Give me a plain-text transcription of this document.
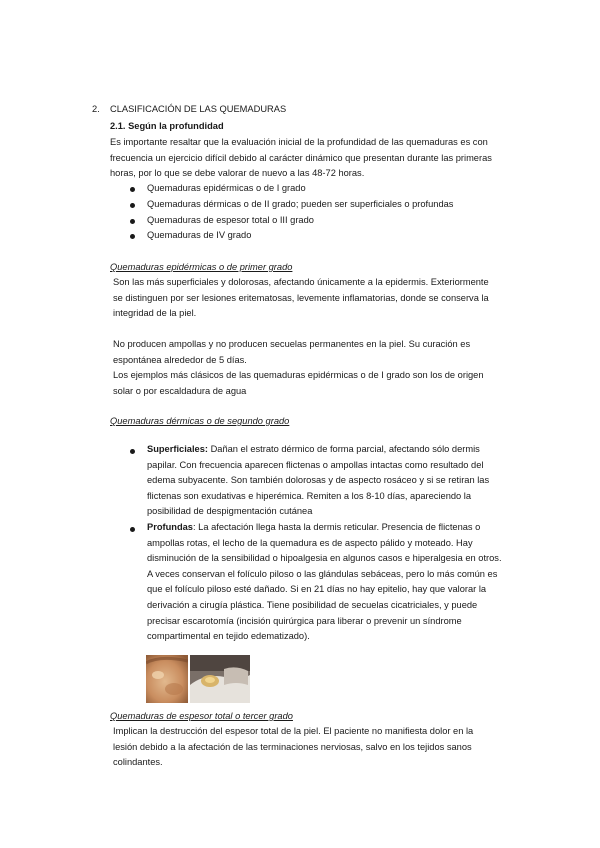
2. CLASIFICACIÓN DE LAS QUEMADURAS
2.1. Según la profundidad
Es importante resaltar que la evaluación inicial de la profundidad de las quemaduras es con
frecuencia un ejercicio difícil debido al carácter dinámico que presentan durante las primeras
horas, por lo que se debe valorar de nuevo a las 48-72 horas.
Quemaduras epidérmicas o de I grado
Quemaduras dérmicas o de II grado; pueden ser superficiales o profundas
Quemaduras de espesor total o III grado
Quemaduras de IV grado
Quemaduras epidérmicas o de primer grado
Son las más superficiales y dolorosas, afectando únicamente a la epidermis. Exteriormente
se distinguen por ser lesiones eritematosas, levemente inflamatorias, donde se conserva la
integridad de la piel.
No producen ampollas y no producen secuelas permanentes en la piel. Su curación es
espontánea alrededor de 5 días.
Los ejemplos más clásicos de las quemaduras epidérmicas o de I grado son los de origen
solar o por escaldadura de agua
Quemaduras dérmicas o de segundo grado
Superficiales: Dañan el estrato dérmico de forma parcial, afectando sólo dermis
papilar. Con frecuencia aparecen flictenas o ampollas intactas como resultado del
edema subyacente. Son también dolorosas y de aspecto rosáceo y si se retiran las
flictenas son exudativas e hiperémica. Remiten a los 8-10 días, apareciendo la
posibilidad de despigmentación cutánea
Profundas: La afectación llega hasta la dermis reticular. Presencia de flictenas o
ampollas rotas, el lecho de la quemadura es de aspecto pálido y moteado. Hay
disminución de la sensibilidad o hipoalgesia en algunos casos e hiperalgesia en otros.
A veces conservan el folículo piloso o las glándulas sebáceas, pero lo más común es
que el folículo piloso esté dañado. Si en 21 días no hay epitelio, hay que valorar la
derivación a cirugía plástica. Tiene posibilidad de secuelas cicatriciales, y puede
precisar escarotomía (incisión quirúrgica para liberar o prevenir un síndrome
compartimental en tejido edematizado).
Quemaduras de espesor total o tercer grado
Implican la destrucción del espesor total de la piel. El paciente no manifiesta dolor en la
lesión debido a la afectación de las terminaciones nerviosas, salvo en los tejidos sanos
colindantes.
